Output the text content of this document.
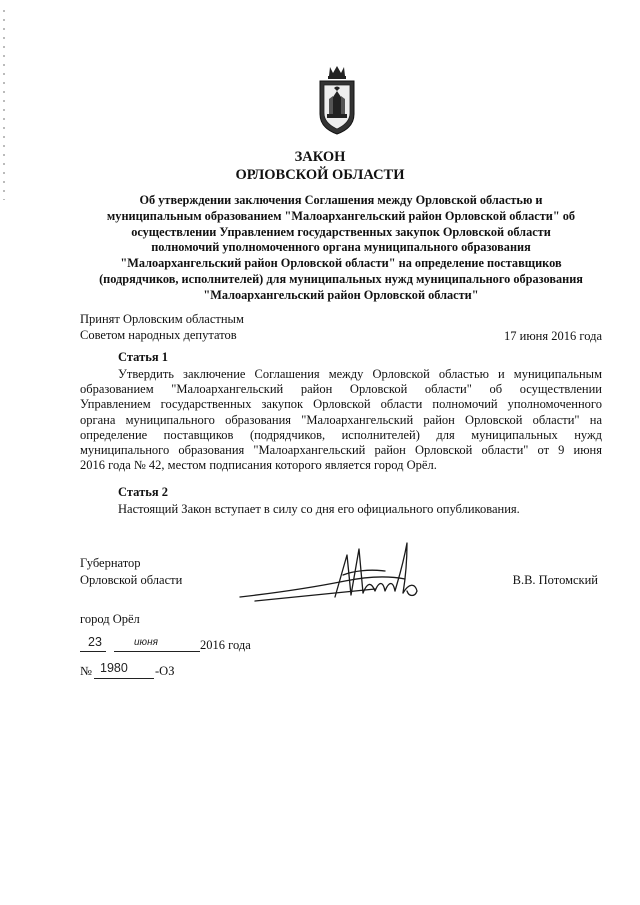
ЗАКОН
ОРЛОВСКОЙ ОБЛАСТИ
Об утверждении заключения Соглашения между Орловской областью и
муниципальным образованием "Малоархангельский район Орловской области" об
осуществлении Управлением государственных закупок Орловской области
полномочий уполномоченного органа муниципального образования
"Малоархангельский район Орловской области" на определение поставщиков
(подрядчиков, исполнителей) для муниципальных нужд муниципального образования
"Малоархангельский район Орловской области"
Принят Орловским областным
Советом народных депутатов	17 июня 2016 года
Статья 1
Утвердить заключение Соглашения между Орловской областью и муниципальным
образованием "Малоархангельский район Орловской области" об осуществлении
Управлением государственных закупок Орловской области полномочий уполномоченного
органа муниципального образования "Малоархангельский район Орловской области" на
определение поставщиков (подрядчиков, исполнителей) для муниципальных нужд
муниципального образования "Малоархангельский район Орловской области" от 9 июня
2016 года № 42, местом подписания которого является город Орёл.
Статья 2
Настоящий Закон вступает в силу со дня его официального опубликования.
Губернатор
Орловской области	В.В. Потомский
город Орёл
23	июня	2016 года
№ 1980 -ОЗ
